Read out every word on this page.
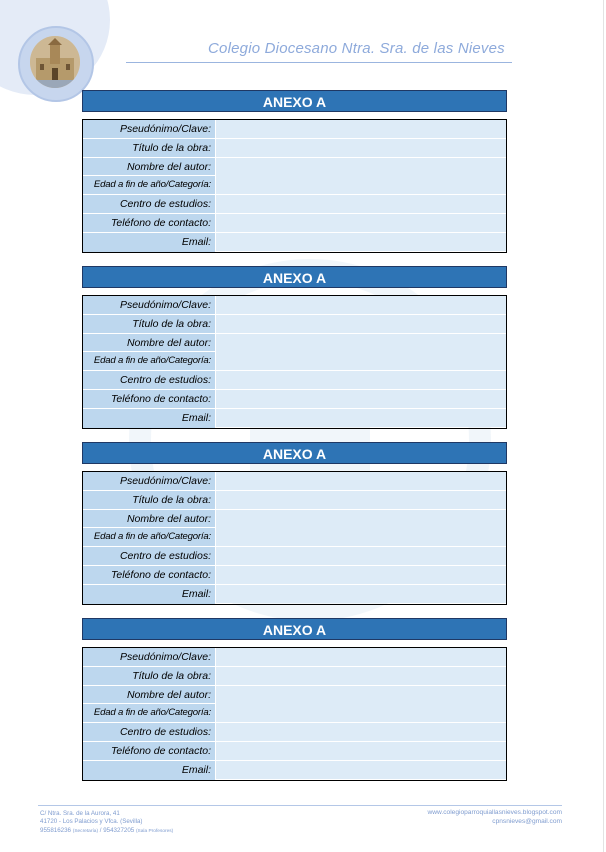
Colegio Diocesano Ntra. Sra. de las Nieves
ANEXO A
Pseudónimo/Clave:
Título de la obra:
Nombre del autor:
Edad a fin de año/Categoría:
Centro de estudios:
Teléfono de contacto:
Email:
ANEXO A
Pseudónimo/Clave:
Título de la obra:
Nombre del autor:
Edad a fin de año/Categoría:
Centro de estudios:
Teléfono de contacto:
Email:
ANEXO A
Pseudónimo/Clave:
Título de la obra:
Nombre del autor:
Edad a fin de año/Categoría:
Centro de estudios:
Teléfono de contacto:
Email:
ANEXO A
Pseudónimo/Clave:
Título de la obra:
Nombre del autor:
Edad a fin de año/Categoría:
Centro de estudios:
Teléfono de contacto:
Email:
C/ Ntra. Sra. de la Aurora, 41
41720 - Los Palacios y Vfca. (Sevilla)
955816236 (Secretaría) / 954327205 (Sala Profesores)
www.colegioparroquiallasnieves.blogspot.com
cpnsnieves@gmail.com
